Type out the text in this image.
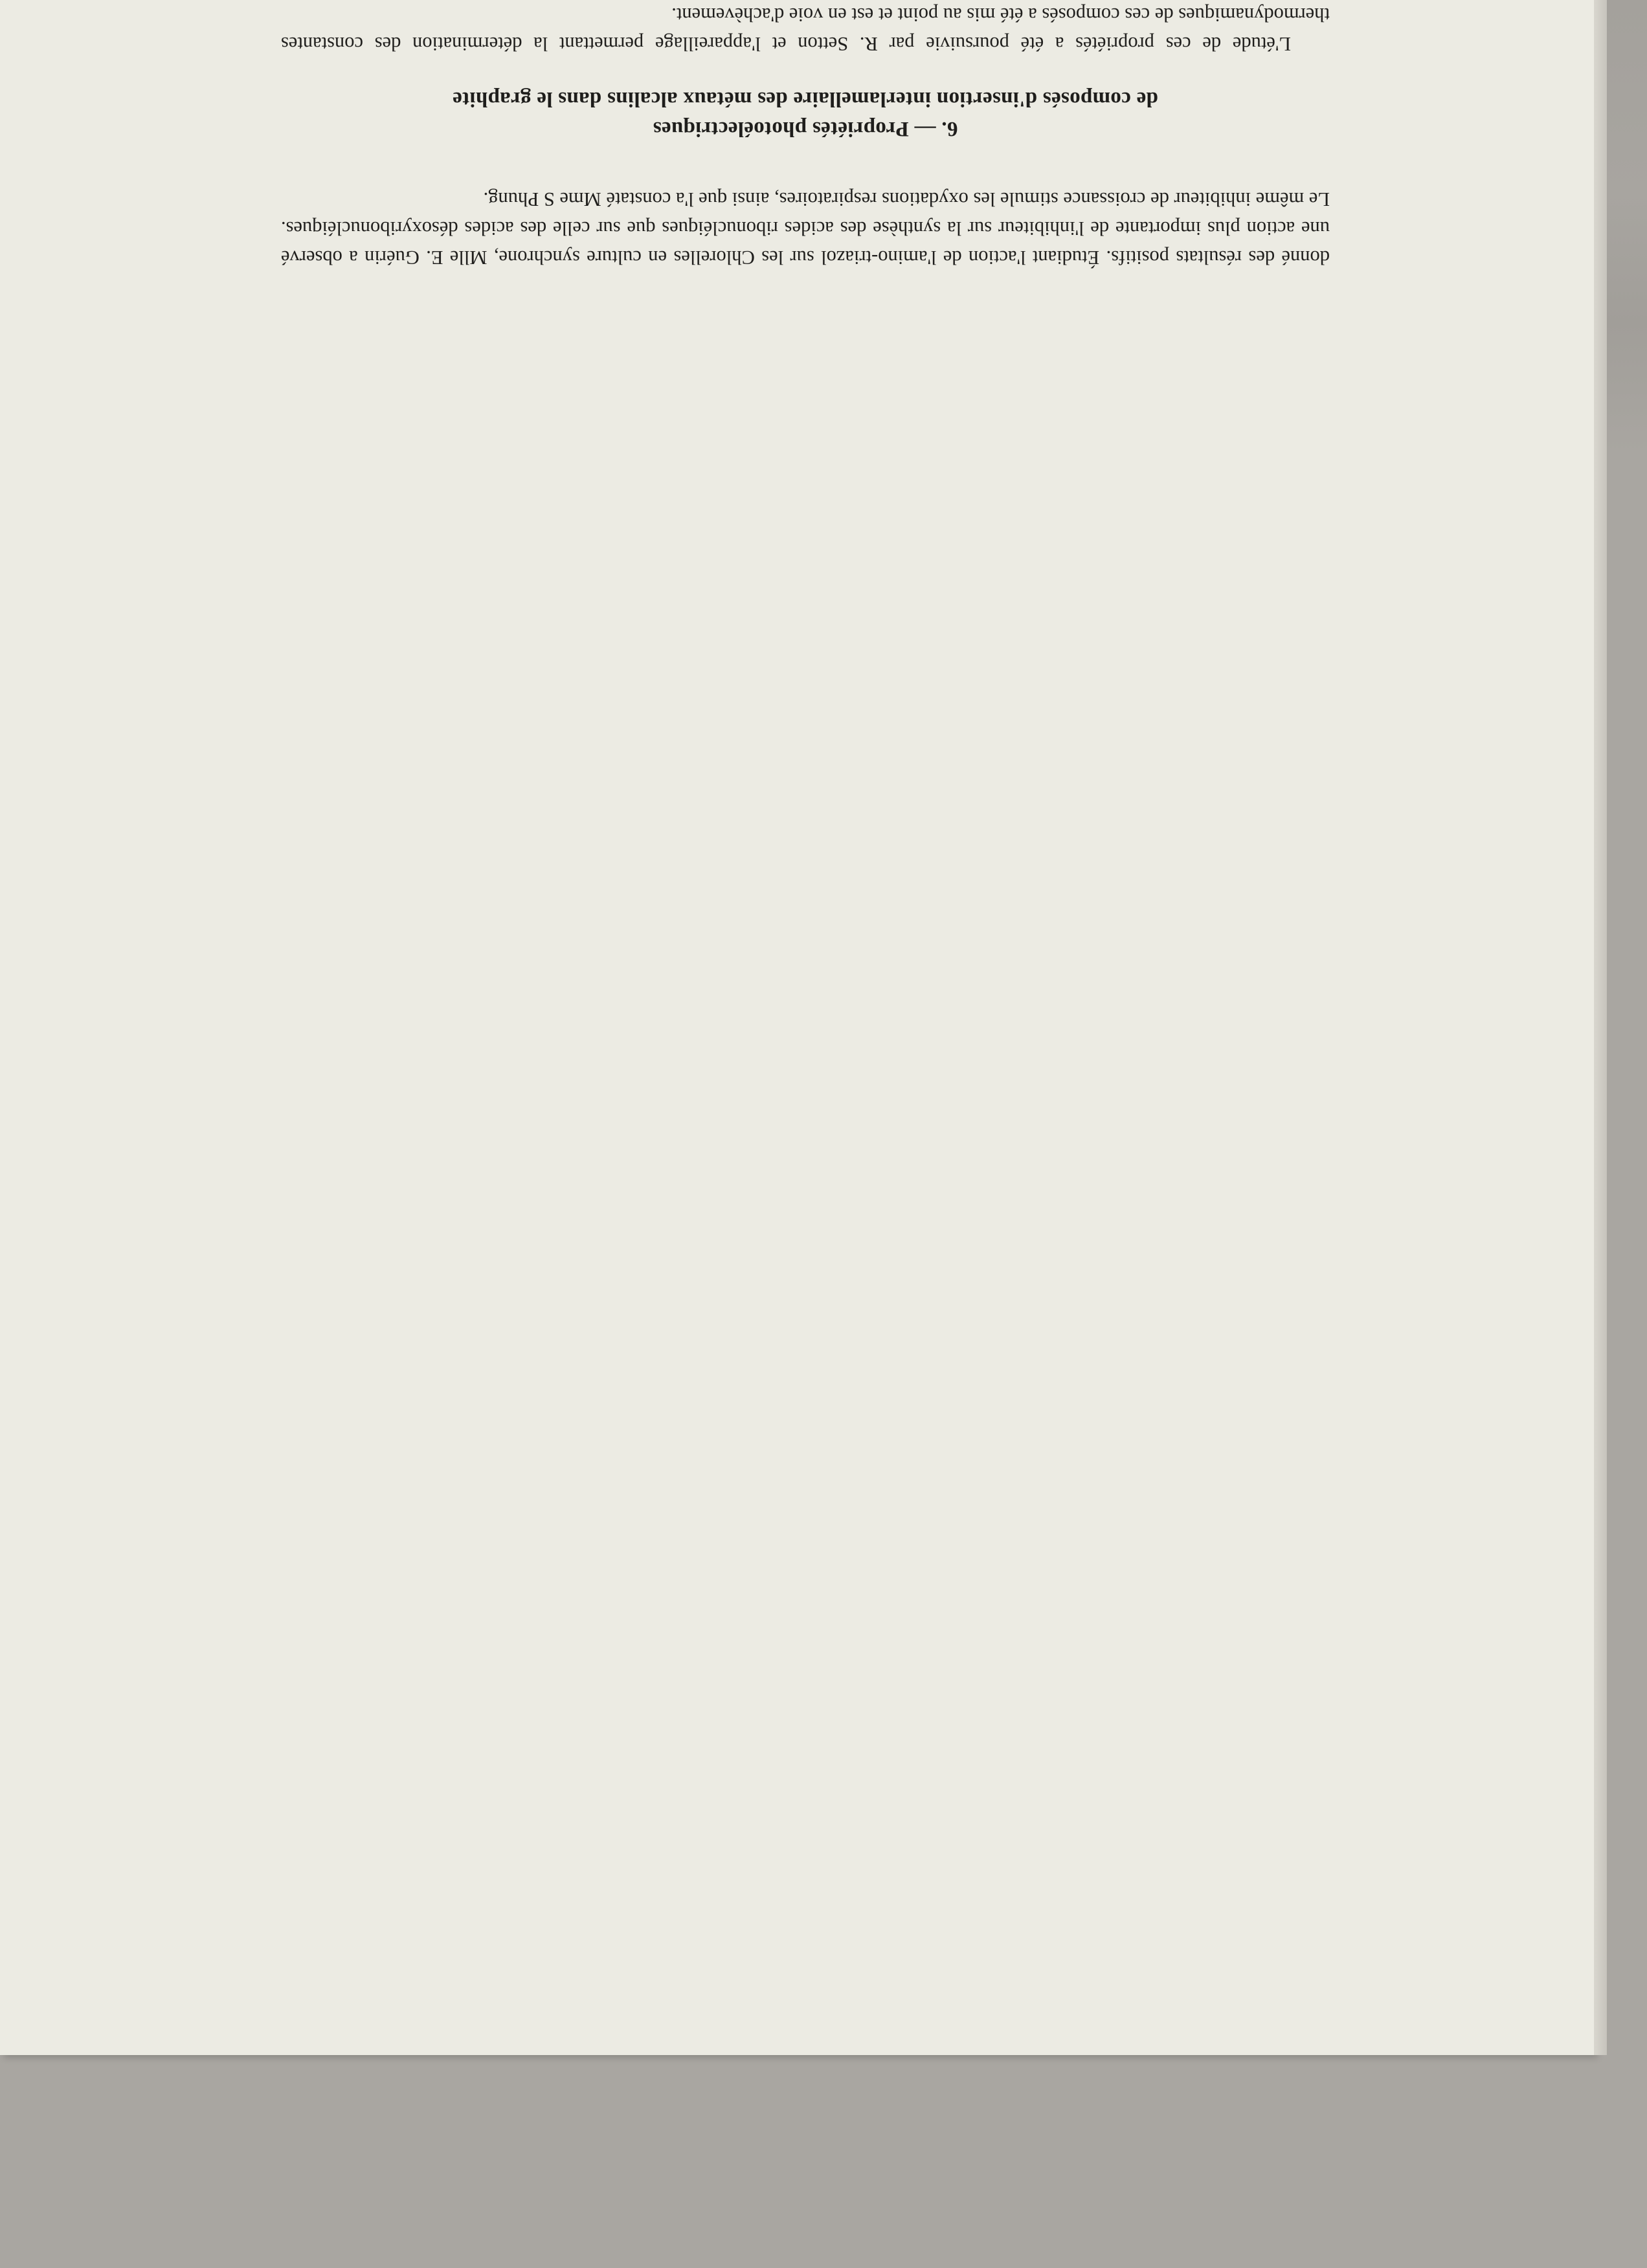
donné des résultats positifs. Étudiant l'action de l'amino-triazol sur les Chlorelles en culture synchrone, Mlle E. Guérin a observé une action plus importante de l'inhibiteur sur la synthèse des acides ribonucléiques que sur celle des acides désoxyribonucléiques. Le même inhibiteur de croissance stimule les oxydations respiratoires, ainsi que l'a constaté Mme S Phung.

6. — Propriétés photoélectriques
de composés d'insertion interlamellaire des métaux alcalins dans le graphite

L'étude de ces propriétés a été poursuivie par R. Setton et l'appareillage permettant la détermination des constantes thermodynamiques de ces composés a été mis au point et est en voie d'achèvement.
